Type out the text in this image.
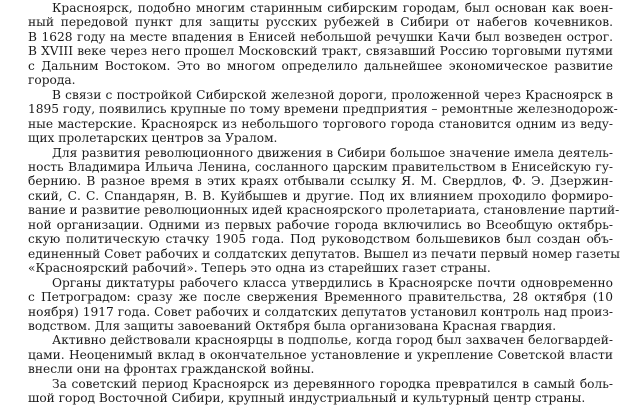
Красноярск, подобно многим старинным сибирским городам, был основан как воен-
ный передовой пункт для защиты русских рубежей в Сибири от набегов кочевников.
В 1628 году на месте впадения в Енисей небольшой речушки Качи был возведен острог.
В XVIII веке через него прошел Московский тракт, связавший Россию торговыми путями
с Дальним Востоком. Это во многом определило дальнейшее экономическое развитие
города.
В связи с постройкой Сибирской железной дороги, проложенной через Красноярск в
1895 году, появились крупные по тому времени предприятия – ремонтные железнодорож-
ные мастерские. Красноярск из небольшого торгового города становится одним из веду-
щих пролетарских центров за Уралом.
Для развития революционного движения в Сибири большое значение имела деятель-
ность Владимира Ильича Ленина, сосланного царским правительством в Енисейскую гу-
бернию. В разное время в этих краях отбывали ссылку Я. М. Свердлов, Ф. Э. Дзержин-
ский, С. С. Спандарян, В. В. Куйбышев и другие. Под их влиянием проходило формиро-
вание и развитие революционных идей красноярского пролетариата, становление партий-
ной организации. Одними из первых рабочие города включились во Всеобщую октябрь-
скую политическую стачку 1905 года. Под руководством большевиков был создан объ-
единенный Совет рабочих и солдатских депутатов. Вышел из печати первый номер газеты
«Красноярский рабочий». Теперь это одна из старейших газет страны.
Органы диктатуры рабочего класса утвердились в Красноярске почти одновременно
с Петроградом: сразу же после свержения Временного правительства, 28 октября (10
ноября) 1917 года. Совет рабочих и солдатских депутатов установил контроль над произ-
водством. Для защиты завоеваний Октября была организована Красная гвардия.
Активно действовали красноярцы в подполье, когда город был захвачен белогвардей-
цами. Неоценимый вклад в окончательное установление и укрепление Советской власти
внесли они на фронтах гражданской войны.
За советский период Красноярск из деревянного городка превратился в самый боль-
шой город Восточной Сибири, крупный индустриальный и культурный центр страны.
